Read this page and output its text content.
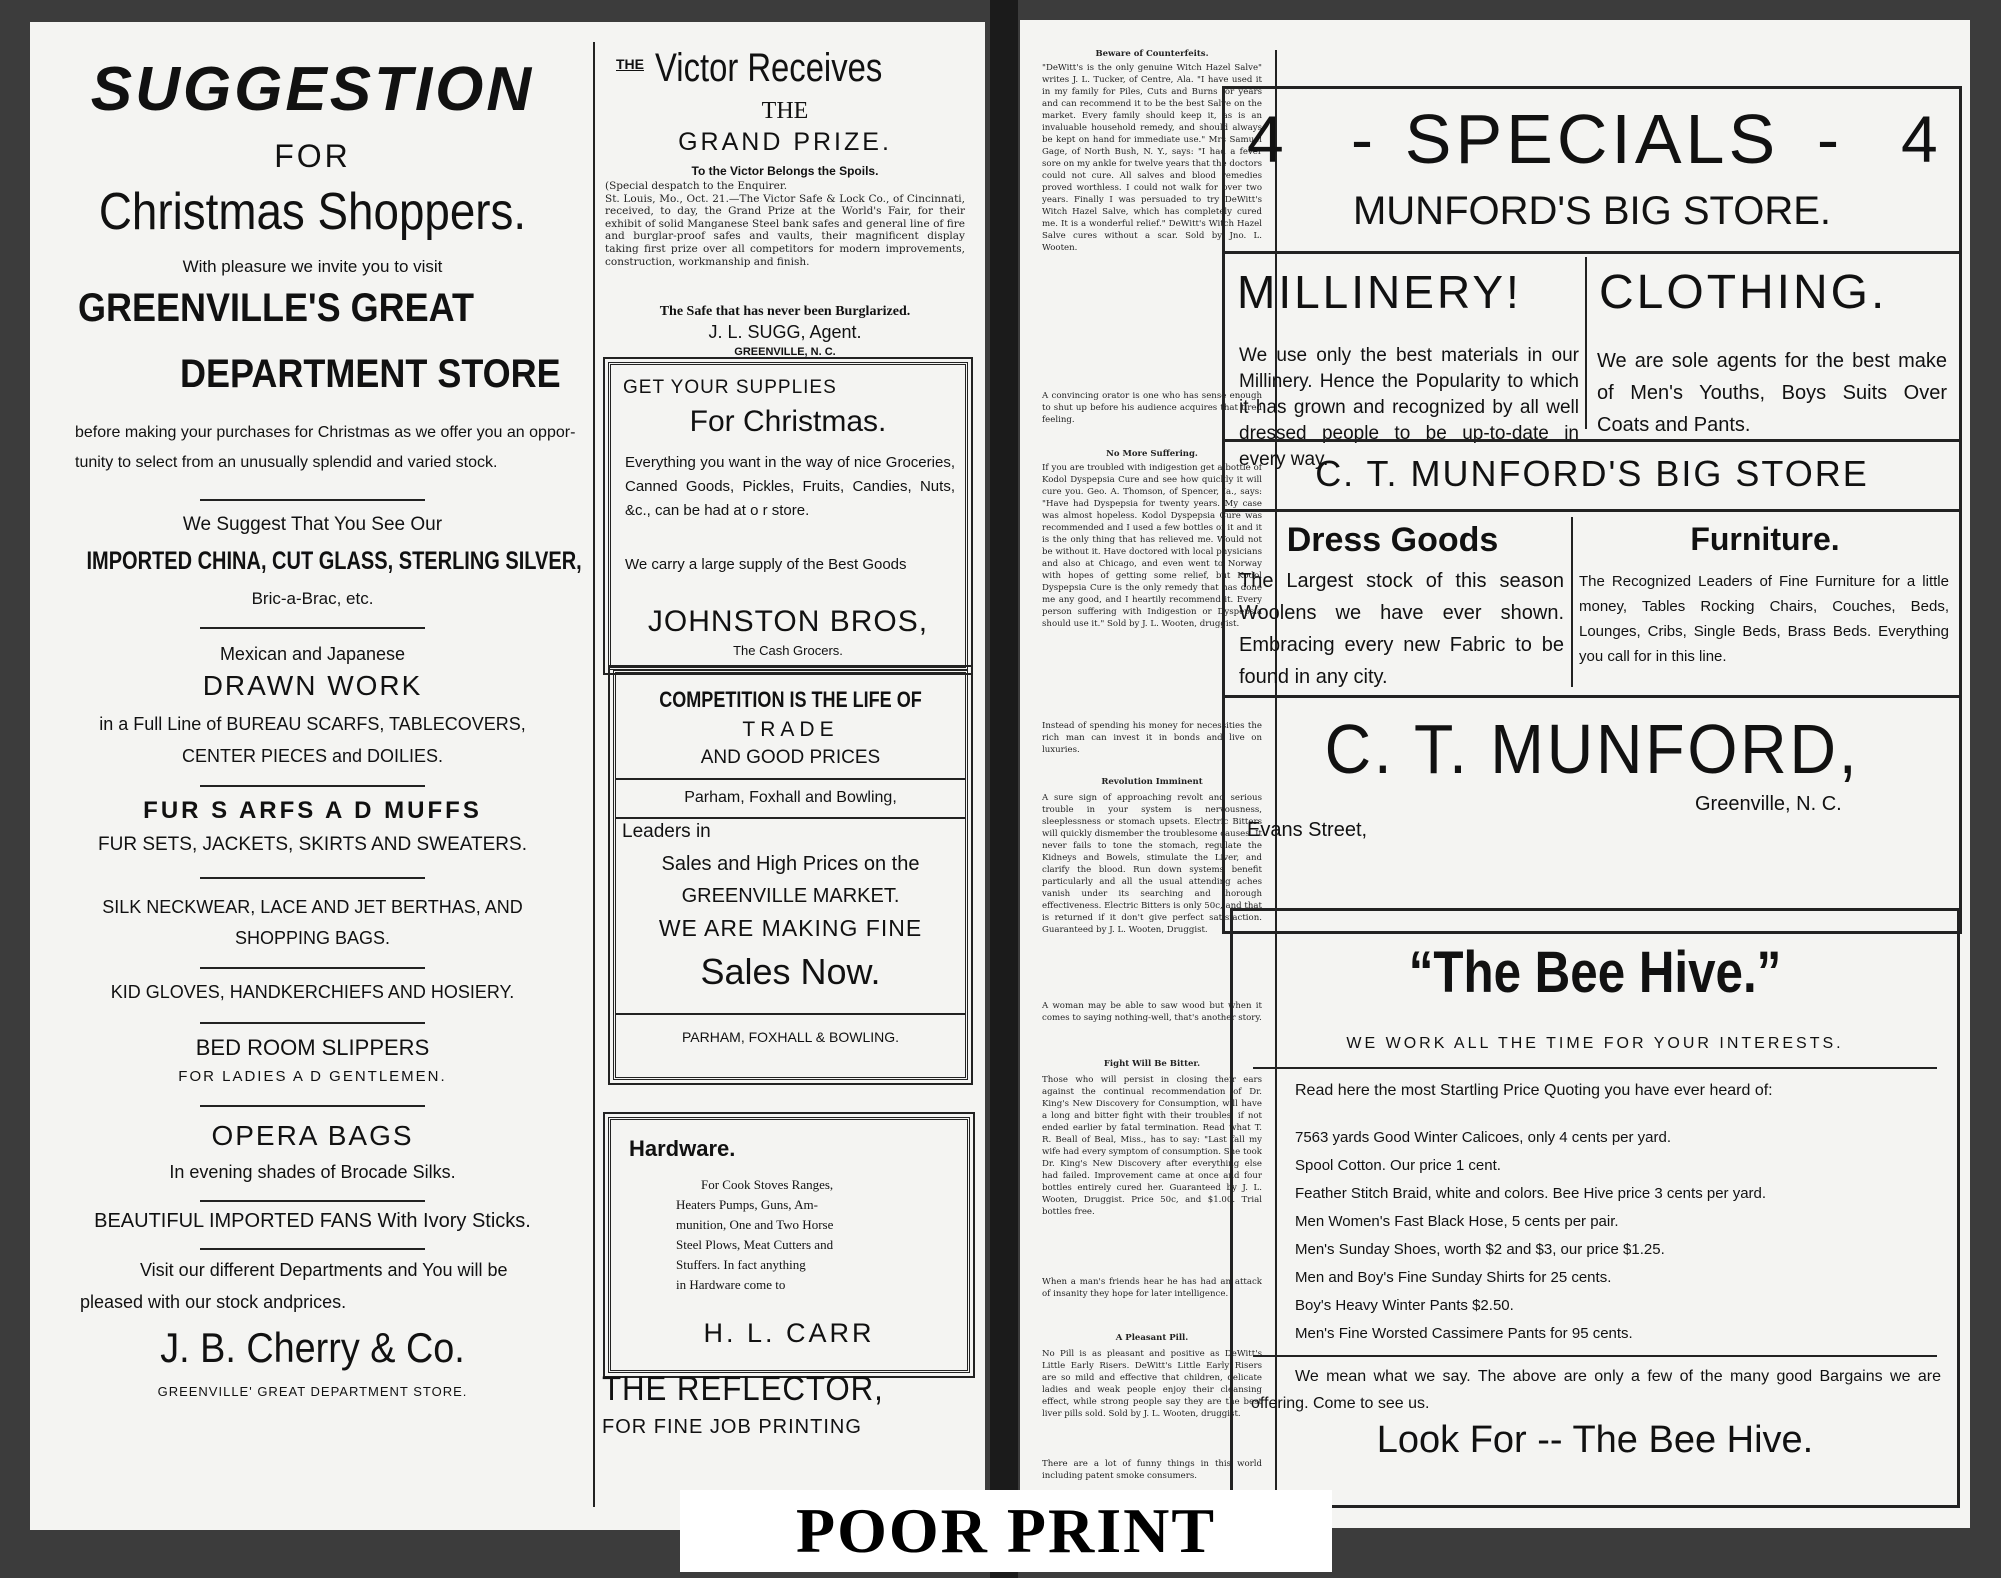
SUGGESTION
FOR
Christmas Shoppers.
With pleasure we invite you to visit
GREENVILLE'S GREAT
DEPARTMENT STORE
before making your purchases for Christmas as we offer you an oppor-
tunity to select from an unusually splendid and varied stock.
We Suggest That You See Our
IMPORTED CHINA, CUT GLASS, STERLING SILVER,
Bric-a-Brac, etc.
Mexican and Japanese
DRAWN WORK
in a Full Line of BUREAU SCARFS, TABLECOVERS,
CENTER PIECES and DOILIES.
FUR S ARFS A D MUFFS
FUR SETS, JACKETS, SKIRTS AND SWEATERS.
SILK NECKWEAR, LACE AND JET BERTHAS, AND
SHOPPING BAGS.
KID GLOVES, HANDKERCHIEFS AND HOSIERY.
BED ROOM SLIPPERS
FOR LADIES A D GENTLEMEN.
OPERA BAGS
In evening shades of Brocade Silks.
BEAUTIFUL IMPORTED FANS With Ivory Sticks.
Visit our different Departments and You will be
pleased with our stock andprices.
J. B. Cherry & Co.
GREENVILLE' GREAT DEPARTMENT STORE.
THE Victor Receives
THE
GRAND PRIZE.
To the Victor Belongs the Spoils.
(Special despatch to the Enquirer.
St. Louis, Mo., Oct. 21.—The Victor Safe & Lock Co., of Cincinnati, received, to day, the Grand Prize at the World's Fair, for their exhibit of solid Manganese Steel bank safes and general line of fire and burglar-proof safes and vaults, their magnificent display taking first prize over all competitors for modern improvements, construction, workmanship and finish.
The Safe that has never been Burglarized.
J. L. SUGG, Agent.
GREENVILLE, N. C.
GET YOUR SUPPLIES
For Christmas.
Everything you want in the way of nice Groceries, Canned Goods, Pickles, Fruits, Candies, Nuts, &c., can be had at o r store.
We carry a large supply of the Best Goods
JOHNSTON BROS,
The Cash Grocers.
COMPETITION IS THE LIFE OF
TRADE
AND GOOD PRICES
Parham, Foxhall and Bowling,
Leaders in
Sales and High Prices on the
GREENVILLE MARKET.
WE ARE MAKING FINE
Sales Now.
PARHAM, FOXHALL & BOWLING.
Hardware.
For Cook Stoves Ranges,
Heaters Pumps, Guns, Am-
munition, One and Two Horse
Steel Plows, Meat Cutters and
Stuffers. In fact anything
in Hardware come to
H. L. CARR
THE REFLECTOR,
FOR FINE JOB PRINTING
Beware of Counterfeits.
"DeWitt's is the only genuine Witch Hazel Salve" writes J. L. Tucker, of Centre, Ala. "I have used it in my family for Piles, Cuts and Burns for years and can recommend it to be the best Salve on the market. Every family should keep it, as is an invaluable household remedy, and should always be kept on hand for immediate use." Mrs Samuel Gage, of North Bush, N. Y., says: "I had a fever sore on my ankle for twelve years that the doctors could not cure. All salves and blood remedies proved worthless. I could not walk for over two years. Finally I was persuaded to try DeWitt's Witch Hazel Salve, which has completely cured me. It is a wonderful relief." DeWitt's Witch Hazel Salve cures without a scar. Sold by Jno. L. Wooten.
A convincing orator is one who has sense enough to shut up before his audience acquires that tired feeling.
No More Suffering.
If you are troubled with indigestion get a bottle of Kodol Dyspepsia Cure and see how quickly it will cure you. Geo. A. Thomson, of Spencer, Ia., says: "Have had Dyspepsia for twenty years. My case was almost hopeless. Kodol Dyspepsia Cure was recommended and I used a few bottles of it and it is the only thing that has relieved me. Would not be without it. Have doctored with local physicians and also at Chicago, and even went to Norway with hopes of getting some relief, but Kodol Dyspepsia Cure is the only remedy that has done me any good, and I heartily recommend it. Every person suffering with Indigestion or Dyspepsia should use it." Sold by J. L. Wooten, druggist.
Instead of spending his money for necessities the rich man can invest it in bonds and live on luxuries.
Revolution Imminent
A sure sign of approaching revolt and serious trouble in your system is nervousness, sleeplessness or stomach upsets. Electric Bitters will quickly dismember the troublesome causes. It never fails to tone the stomach, regulate the Kidneys and Bowels, stimulate the Liver, and clarify the blood. Run down systems benefit particularly and all the usual attending aches vanish under its searching and thorough effectiveness. Electric Bitters is only 50c, and that is returned if it don't give perfect satisfaction. Guaranteed by J. L. Wooten, Druggist.
A woman may be able to saw wood but when it comes to saying nothing-well, that's another story.
Fight Will Be Bitter.
Those who will persist in closing their ears against the continual recommendation of Dr. King's New Discovery for Consumption, will have a long and bitter fight with their troubles, if not ended earlier by fatal termination. Read what T. R. Beall of Beal, Miss., has to say: "Last fall my wife had every symptom of consumption. She took Dr. King's New Discovery after everything else had failed. Improvement came at once and four bottles entirely cured her. Guaranteed by J. L. Wooten, Druggist. Price 50c, and $1.00. Trial bottles free.
When a man's friends hear he has had an attack of insanity they hope for later intelligence.
A Pleasant Pill.
No Pill is as pleasant and positive as DeWitt's Little Early Risers. DeWitt's Little Early Risers are so mild and effective that children, delicate ladies and weak people enjoy their cleansing effect, while strong people say they are the best liver pills sold. Sold by J. L. Wooten, druggist.
There are a lot of funny things in this world including patent smoke consumers.
4 - SPECIALS - 4
MUNFORD'S BIG STORE.
MILLINERY!
We use only the best materials in our Millinery. Hence the Popularity to which it has grown and recognized by all well dressed people to be up-to-date in every way.
CLOTHING.
We are sole agents for the best make of Men's Youths, Boys Suits Over Coats and Pants.
C. T. MUNFORD'S BIG STORE
Dress Goods
The Largest stock of this season Woolens we have ever shown. Embracing every new Fabric to be found in any city.
Furniture.
The Recognized Leaders of Fine Furniture for a little money, Tables Rocking Chairs, Couches, Beds, Lounges, Cribs, Single Beds, Brass Beds. Everything you call for in this line.
C. T. MUNFORD,
Evans Street,
Greenville, N. C.
“The Bee Hive.”
WE WORK ALL THE TIME FOR YOUR INTERESTS.
Read here the most Startling Price Quoting you have ever heard of:
7563 yards Good Winter Calicoes, only 4 cents per yard.
Spool Cotton. Our price 1 cent.
Feather Stitch Braid, white and colors. Bee Hive price 3 cents per yard.
Men Women's Fast Black Hose, 5 cents per pair.
Men's Sunday Shoes, worth $2 and $3, our price $1.25.
Men and Boy's Fine Sunday Shirts for 25 cents.
Boy's Heavy Winter Pants $2.50.
Men's Fine Worsted Cassimere Pants for 95 cents.
We mean what we say. The above are only a few of the many good Bargains we are offering. Come to see us.
Look For -- The Bee Hive.
POOR PRINT
